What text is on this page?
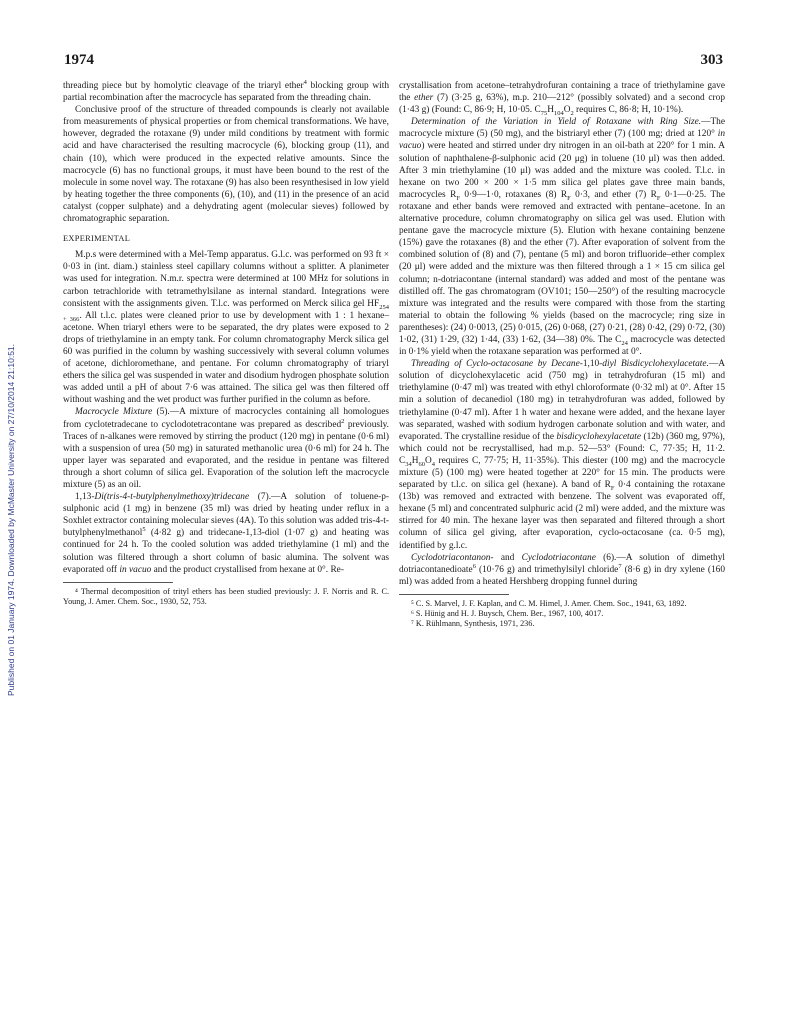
Published on 01 January 1974. Downloaded by McMaster University on 27/10/2014 21:10:51.
1974	303

threading piece but by homolytic cleavage of the triaryl ether$^4$ blocking group with partial recombination after the macrocycle has separated from the threading chain.

Conclusive proof of the structure of threaded compounds is clearly not available from measurements of physical properties or from chemical transformations. We have, however, degraded the rotaxane (9) under mild conditions by treatment with formic acid and have characterised the resulting macrocycle (6), blocking group (11), and chain (10), which were produced in the expected relative amounts. Since the macrocycle (6) has no functional groups, it must have been bound to the rest of the molecule in some novel way. The rotaxane (9) has also been resynthesised in low yield by heating together the three components (6), (10), and (11) in the presence of an acid catalyst (copper sulphate) and a dehydrating agent (molecular sieves) followed by chromatographic separation.

EXPERIMENTAL

M.p.s were determined with a Mel-Temp apparatus. G.l.c. was performed on 93 ft × 0·03 in (int. diam.) stainless steel capillary columns without a splitter. A planimeter was used for integration. N.m.r. spectra were determined at 100 MHz for solutions in carbon tetrachloride with tetramethylsilane as internal standard. Integrations were consistent with the assignments given. T.l.c. was performed on Merck silica gel $HF_{254 + 366}$. All t.l.c. plates were cleaned prior to use by development with 1 : 1 hexane–acetone. When triaryl ethers were to be separated, the dry plates were exposed to 2 drops of triethylamine in an empty tank. For column chromatography Merck silica gel 60 was purified in the column by washing successively with several column volumes of acetone, dichloromethane, and pentane. For column chromatography of triaryl ethers the silica gel was suspended in water and disodium hydrogen phosphate solution was added until a pH of about 7·6 was attained. The silica gel was then filtered off without washing and the wet product was further purified in the column as before.

Macrocycle Mixture (5).—A mixture of macrocycles containing all homologues from cyclotetradecane to cyclodotetracontane was prepared as described$^2$ previously. Traces of n-alkanes were removed by stirring the product (120 mg) in pentane (0·6 ml) with a suspension of urea (50 mg) in saturated methanolic urea (0·6 ml) for 24 h. The upper layer was separated and evaporated, and the residue in pentane was filtered through a short column of silica gel. Evaporation of the solution left the macrocycle mixture (5) as an oil.

1,13-Di(tris-4-t-butylphenylmethoxy)tridecane (7).—A solution of toluene-p-sulphonic acid (1 mg) in benzene (35 ml) was dried by heating under reflux in a Soxhlet extractor containing molecular sieves (4A). To this solution was added tris-4-t-butylphenylmethanol$^5$ (4·82 g) and tridecane-1,13-diol (1·07 g) and heating was continued for 24 h. To the cooled solution was added triethylamine (1 ml) and the solution was filtered through a short column of basic alumina. The solvent was evaporated off in vacuo and the product crystallised from hexane at 0°. Re-

⁴ Thermal decomposition of trityl ethers has been studied previously: J. F. Norris and R. C. Young, J. Amer. Chem. Soc., 1930, 52, 753.

crystallisation from acetone–tetrahydrofuran containing a trace of triethylamine gave the ether (7) (3·25 g, 63%), m.p. 210—212° (possibly solvated) and a second crop (1·43 g) (Found: C, 86·9; H, 10·05. $C_{75}H_{104}O_2$ requires C, 86·8; H, 10·1%).

Determination of the Variation in Yield of Rotaxane with Ring Size.—The macrocycle mixture (5) (50 mg), and the bistriaryl ether (7) (100 mg; dried at 120° in vacuo) were heated and stirred under dry nitrogen in an oil-bath at 220° for 1 min. A solution of naphthalene-β-sulphonic acid (20 μg) in toluene (10 μl) was then added. After 3 min triethylamine (10 μl) was added and the mixture was cooled. T.l.c. in hexane on two 200 × 200 × 1·5 mm silica gel plates gave three main bands, macrocycles $R_F$ 0·9—1·0, rotaxanes (8) $R_F$ 0·3, and ether (7) $R_F$ 0·1—0·25. The rotaxane and ether bands were removed and extracted with pentane–acetone. In an alternative procedure, column chromatography on silica gel was used. Elution with pentane gave the macrocycle mixture (5). Elution with hexane containing benzene (15%) gave the rotaxanes (8) and the ether (7). After evaporation of solvent from the combined solution of (8) and (7), pentane (5 ml) and boron trifluoride–ether complex (20 μl) were added and the mixture was then filtered through a 1 × 15 cm silica gel column; n-dotriacontane (internal standard) was added and most of the pentane was distilled off. The gas chromatogram (OV101; 150—250°) of the resulting macrocycle mixture was integrated and the results were compared with those from the starting material to obtain the following % yields (based on the macrocycle; ring size in parentheses): (24) 0·0013, (25) 0·015, (26) 0·068, (27) 0·21, (28) 0·42, (29) 0·72, (30) 1·02, (31) 1·29, (32) 1·44, (33) 1·62, (34—38) 0%. The $C_{24}$ macrocycle was detected in 0·1% yield when the rotaxane separation was performed at 0°.

Threading of Cyclo-octacosane by Decane-1,10-diyl Bisdicyclohexylacetate.—A solution of dicyclohexylacetic acid (750 mg) in tetrahydrofuran (15 ml) and triethylamine (0·47 ml) was treated with ethyl chloroformate (0·32 ml) at 0°. After 15 min a solution of decanediol (180 mg) in tetrahydrofuran was added, followed by triethylamine (0·47 ml). After 1 h water and hexane were added, and the hexane layer was separated, washed with sodium hydrogen carbonate solution and with water, and evaporated. The crystalline residue of the bisdicyclohexylacetate (12b) (360 mg, 97%), which could not be recrystallised, had m.p. 52—53° (Found: C, 77·35; H, 11·2. $C_{34}H_{60}O_4$ requires C, 77·75; H, 11·35%). This diester (100 mg) and the macrocycle mixture (5) (100 mg) were heated together at 220° for 15 min. The products were separated by t.l.c. on silica gel (hexane). A band of $R_F$ 0·4 containing the rotaxane (13b) was removed and extracted with benzene. The solvent was evaporated off, hexane (5 ml) and concentrated sulphuric acid (2 ml) were added, and the mixture was stirred for 40 min. The hexane layer was then separated and filtered through a short column of silica gel giving, after evaporation, cyclo-octacosane (ca. 0·5 mg), identified by g.l.c.

Cyclodotriacontanon- and Cyclodotriacontane (6).—A solution of dimethyl dotriacontanedioate$^6$ (10·76 g) and trimethylsilyl chloride$^7$ (8·6 g) in dry xylene (160 ml) was added from a heated Hershberg dropping funnel during

⁵ C. S. Marvel, J. F. Kaplan, and C. M. Himel, J. Amer. Chem. Soc., 1941, 63, 1892.

⁶ S. Hünig and H. J. Buysch, Chem. Ber., 1967, 100, 4017.

⁷ K. Rühlmann, Synthesis, 1971, 236.
